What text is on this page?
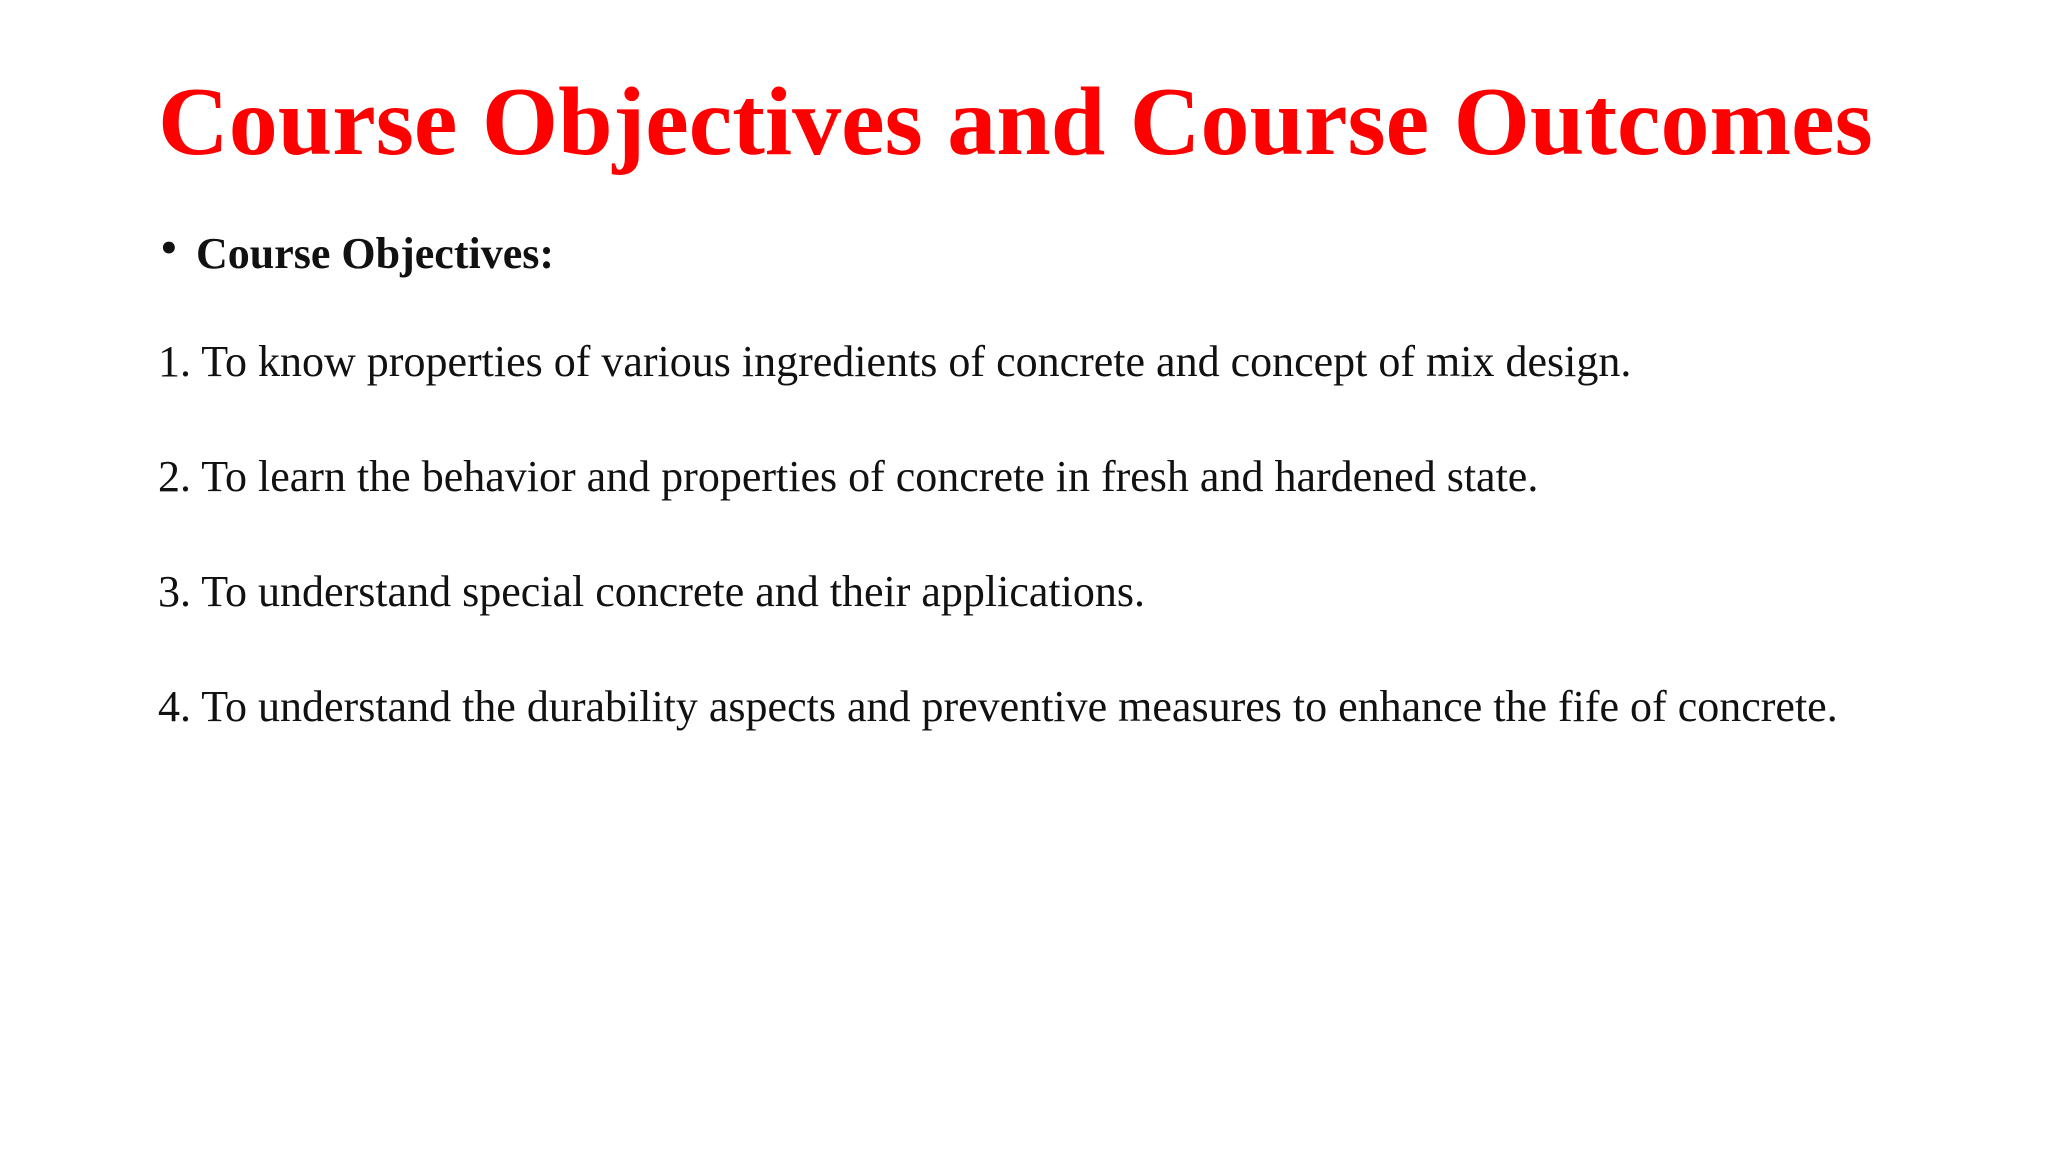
Course Objectives and Course Outcomes
• Course Objectives:
1. To know properties of various ingredients of concrete and concept of mix design.
2. To learn the behavior and properties of concrete in fresh and hardened state.
3. To understand special concrete and their applications.
4. To understand the durability aspects and preventive measures to enhance the fife of concrete.
